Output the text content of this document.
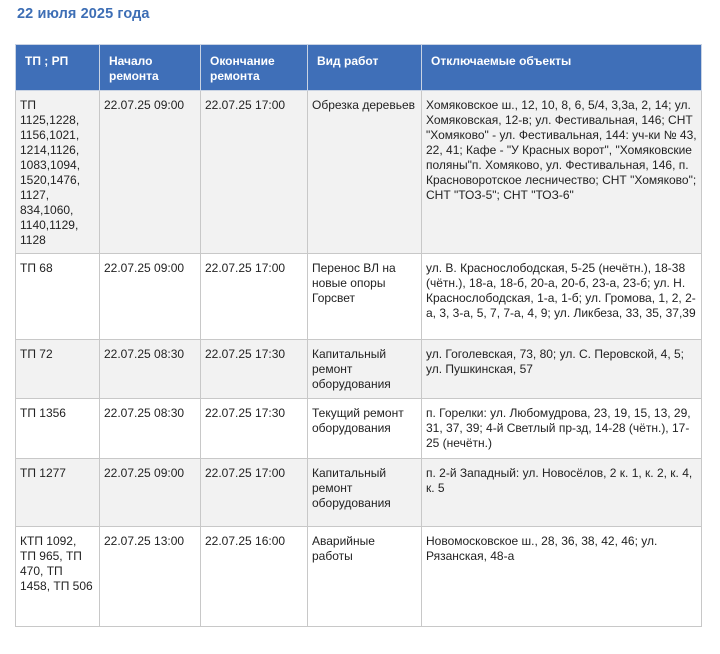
22 июля 2025 года
ТП ; РП	Начало ремонта	Окончание ремонта	Вид работ	Отключаемые объекты
ТП 1125,1228, 1156,1021, 1214,1126, 1083,1094, 1520,1476, 1127, 834,1060, 1140,1129, 1128	22.07.25 09:00	22.07.25 17:00	Обрезка деревьев	Хомяковское ш., 12, 10, 8, 6, 5/4, 3,3а, 2, 14; ул. Хомяковская, 12-в; ул. Фестивальная, 146; СНТ "Хомяково" - ул. Фестивальная, 144: уч-ки № 43, 22, 41; Кафе - "У Красных ворот", "Хомяковские поляны"п. Хомяково, ул. Фестивальная, 146, п. Красноворотское лесничество; СНТ "Хомяково"; СНТ "ТОЗ-5"; СНТ "ТОЗ-6"
ТП 68	22.07.25 09:00	22.07.25 17:00	Перенос ВЛ на новые опоры Горсвет	ул. В. Краснослободская, 5-25 (нечётн.), 18-38 (чётн.), 18-а, 18-б, 20-а, 20-б, 23-а, 23-б; ул. Н. Краснослободская, 1-а, 1-б; ул. Громова, 1, 2, 2-а, 3, 3-а, 5, 7, 7-а, 4, 9; ул. Ликбеза, 33, 35, 37,39
ТП 72	22.07.25 08:30	22.07.25 17:30	Капитальный ремонт оборудования	ул. Гоголевская, 73, 80; ул. С. Перовской, 4, 5; ул. Пушкинская, 57
ТП 1356	22.07.25 08:30	22.07.25 17:30	Текущий ремонт оборудования	п. Горелки: ул. Любомудрова, 23, 19, 15, 13, 29, 31, 37, 39; 4-й Светлый пр-зд, 14-28 (чётн.), 17-25 (нечётн.)
ТП 1277	22.07.25 09:00	22.07.25 17:00	Капитальный ремонт оборудования	п. 2-й Западный: ул. Новосёлов, 2 к. 1, к. 2, к. 4, к. 5
КТП 1092, ТП 965, ТП 470, ТП 1458, ТП 506	22.07.25 13:00	22.07.25 16:00	Аварийные работы	Новомосковское ш., 28, 36, 38, 42, 46; ул. Рязанская, 48-а
